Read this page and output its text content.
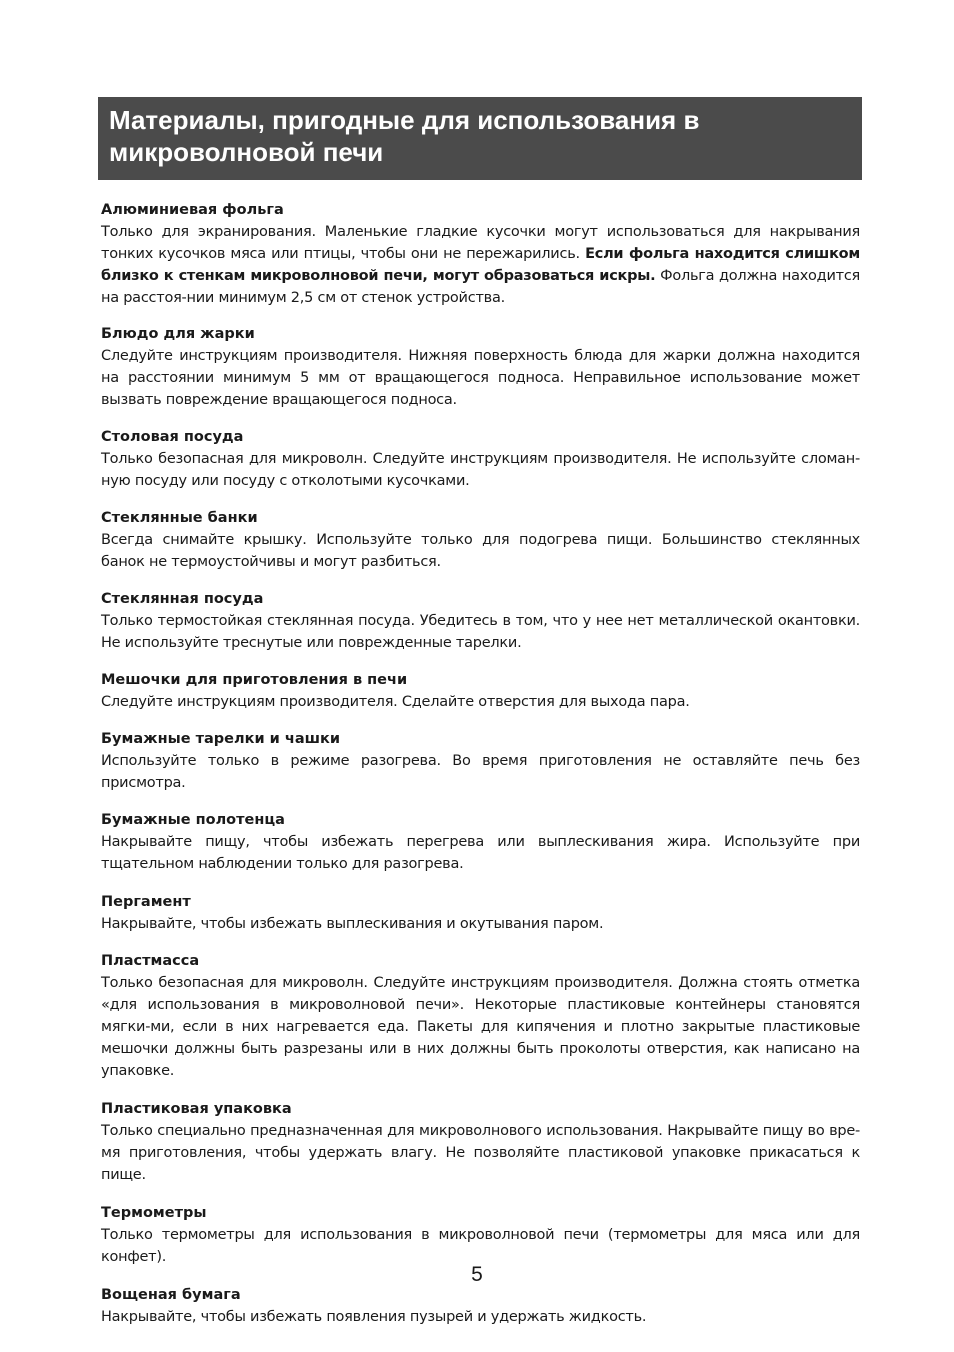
Материалы, пригодные для использования в
микроволновой печи

Алюминиевая фольга

Только для экранирования. Маленькие гладкие кусочки могут использоваться для накрывания тонких кусочков мяса или птицы, чтобы они не пережарились. Если фольга находится слишком близко к стенкам микроволновой печи, могут образоваться искры. Фольга должна находится на расстоя-нии минимум 2,5 см от стенок устройства.

Блюдо для жарки

Следуйте инструкциям производителя. Нижняя поверхность блюда для жарки должна находится на расстоянии минимум 5 мм от вращающегося подноса. Неправильное использование может вызвать повреждение вращающегося подноса.

Столовая посуда

Только безопасная для микроволн. Следуйте инструкциям производителя. Не используйте сломан-ную посуду или посуду с отколотыми кусочками.

Стеклянные банки

Всегда снимайте крышку. Используйте только для подогрева пищи. Большинство стеклянных банок не термоустойчивы и могут разбиться.

Стеклянная посуда

Только термостойкая стеклянная посуда. Убедитесь в том, что у нее нет металлической окантовки. Не используйте треснутые или поврежденные тарелки.

Мешочки для приготовления в печи

Следуйте инструкциям производителя. Сделайте отверстия для выхода пара.

Бумажные тарелки и чашки

Используйте только в режиме разогрева. Во время приготовления не оставляйте печь без присмотра.

Бумажные полотенца

Накрывайте пищу, чтобы избежать перегрева или выплескивания жира. Используйте при тщательном наблюдении только для разогрева.

Пергамент

Накрывайте, чтобы избежать выплескивания и окутывания паром.

Пластмасса

Только безопасная для микроволн. Следуйте инструкциям производителя. Должна стоять отметка «для использования в микроволновой печи». Некоторые пластиковые контейнеры становятся мягки-ми, если в них нагревается еда. Пакеты для кипячения и плотно закрытые пластиковые мешочки должны быть разрезаны или в них должны быть проколоты отверстия, как написано на упаковке.

Пластиковая упаковка

Только специально предназначенная для микроволнового использования. Накрывайте пищу во вре-мя приготовления, чтобы удержать влагу. Не позволяйте пластиковой упаковке прикасаться к пище.

Термометры

Только термометры для использования в микроволновой печи (термометры для мяса или для конфет).

Вощеная бумага

Накрывайте, чтобы избежать появления пузырей и удержать жидкость.

5
